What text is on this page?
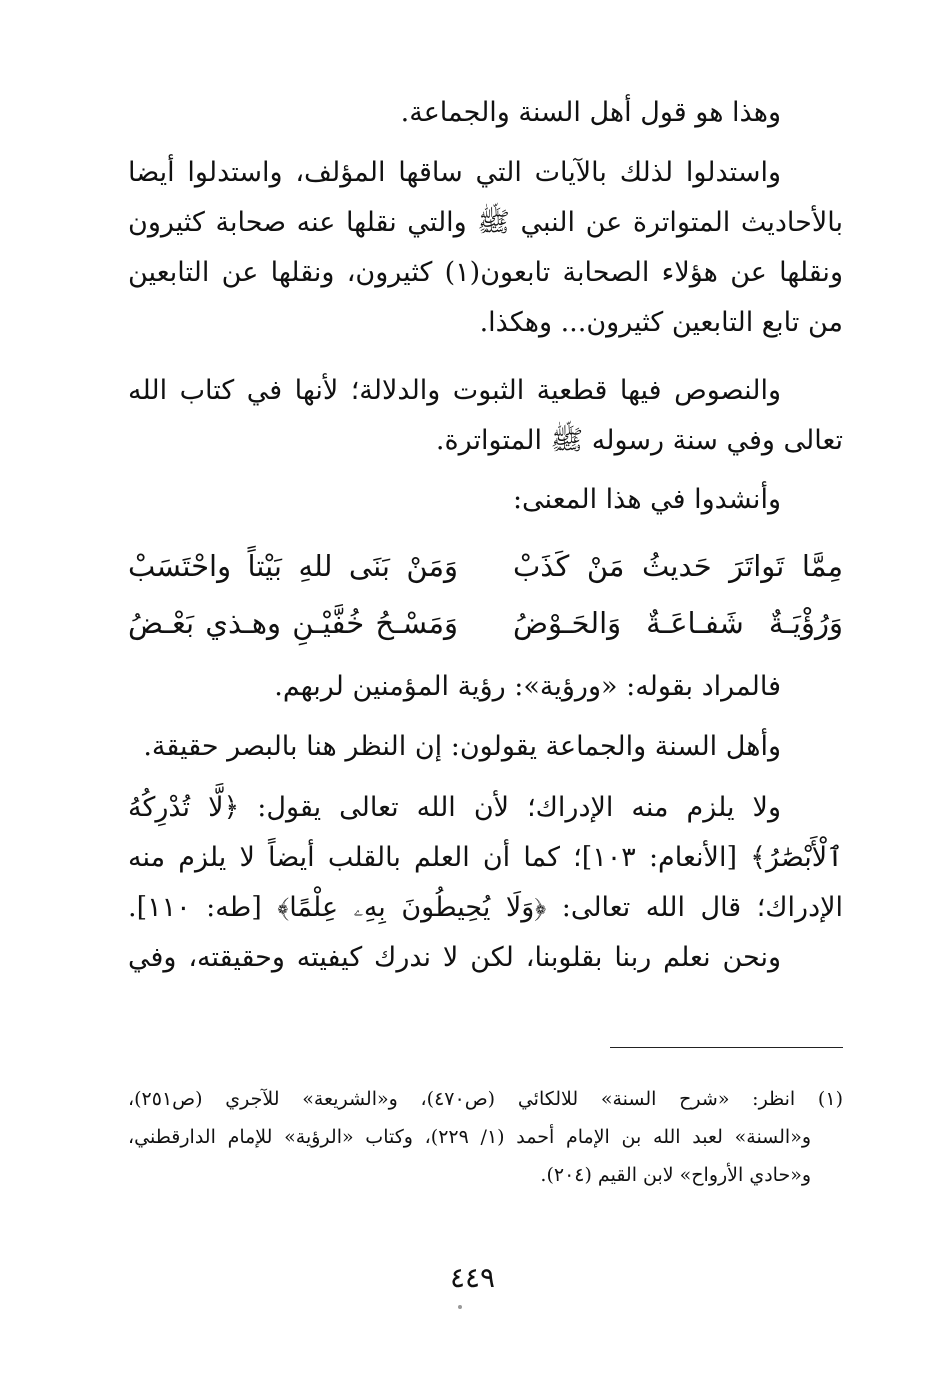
وهذا هو قول أهل السنة والجماعة.
واستدلوا لذلك بالآيات التي ساقها المؤلف، واستدلوا أيضا
بالأحاديث المتواترة عن النبي ﷺ والتي نقلها عنه صحابة كثيرون
ونقلها عن هؤلاء الصحابة تابعون(١) كثيرون، ونقلها عن التابعين
من تابع التابعين كثيرون... وهكذا.
والنصوص فيها قطعية الثبوت والدلالة؛ لأنها في كتاب الله
تعالى وفي سنة رسوله ﷺ المتواترة.
وأنشدوا في هذا المعنى:
مِمَّا تَواتَرَ حَديثُ مَنْ كَذَبْ
وَمَنْ بَنَى للهِ بَيْتاً واحْتَسَبْ
وَرُؤْيَـةٌ شَفـاعَـةٌ وَالحَـوْضُ
وَمَسْـحُ خُفَّيْـنِ وهـذي بَعْـضُ
فالمراد بقوله: «ورؤية»: رؤية المؤمنين لربهم.
وأهل السنة والجماعة يقولون: إن النظر هنا بالبصر حقيقة.
ولا يلزم منه الإدراك؛ لأن الله تعالى يقول: ﴿لَّا تُدْرِكُهُ
ٱلْأَبْصَٰرُ﴾ [الأنعام: ١٠٣]؛ كما أن العلم بالقلب أيضاً لا يلزم منه
الإدراك؛ قال الله تعالى: ﴿وَلَا يُحِيطُونَ بِهِۦ عِلْمًا﴾ [طه: ١١٠].
ونحن نعلم ربنا بقلوبنا، لكن لا ندرك كيفيته وحقيقته، وفي
(١) انظر: «شرح السنة» للالكائي (ص٤٧٠)، و«الشريعة» للآجري (ص٢٥١)،
و«السنة» لعبد الله بن الإمام أحمد (١/ ٢٢٩)، وكتاب «الرؤية» للإمام الدارقطني،
و«حادي الأرواح» لابن القيم (٢٠٤).
٤٤٩
